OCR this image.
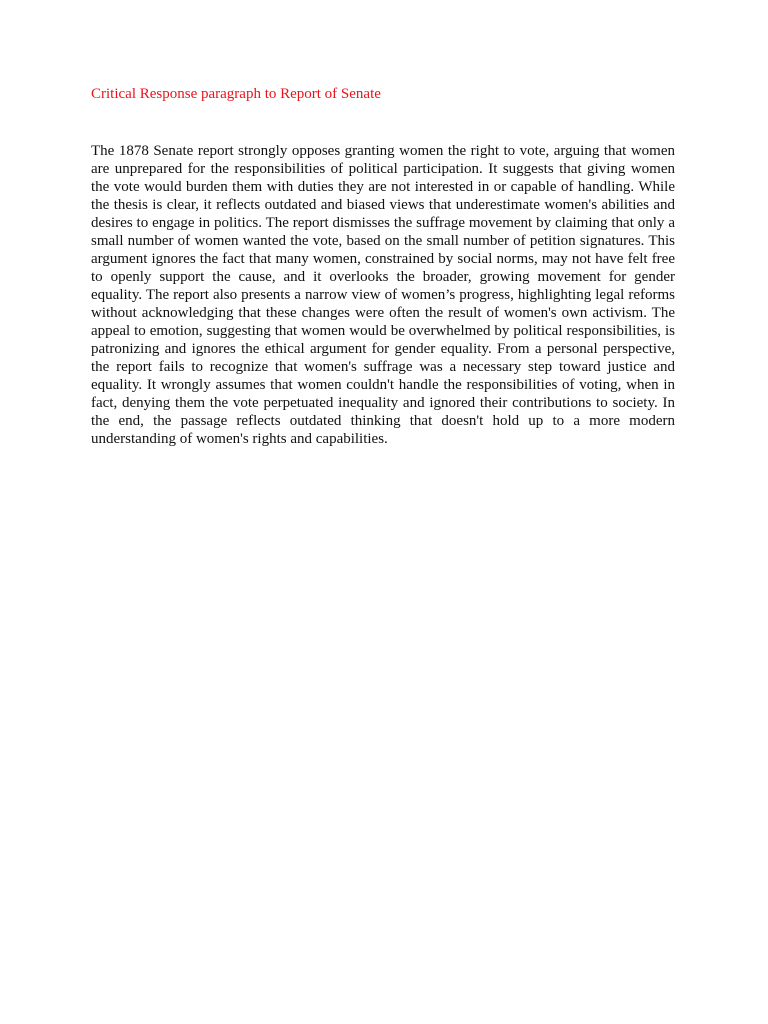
Critical Response paragraph to Report of Senate

The 1878 Senate report strongly opposes granting women the right to vote, arguing that women are unprepared for the responsibilities of political participation. It suggests that giving women the vote would burden them with duties they are not interested in or capable of handling. While the thesis is clear, it reflects outdated and biased views that underestimate women's abilities and desires to engage in politics. The report dismisses the suffrage movement by claiming that only a small number of women wanted the vote, based on the small number of petition signatures. This argument ignores the fact that many women, constrained by social norms, may not have felt free to openly support the cause, and it overlooks the broader, growing movement for gender equality. The report also presents a narrow view of women’s progress, highlighting legal reforms without acknowledging that these changes were often the result of women's own activism. The appeal to emotion, suggesting that women would be overwhelmed by political responsibilities, is patronizing and ignores the ethical argument for gender equality. From a personal perspective, the report fails to recognize that women's suffrage was a necessary step toward justice and equality. It wrongly assumes that women couldn't handle the responsibilities of voting, when in fact, denying them the vote perpetuated inequality and ignored their contributions to society. In the end, the passage reflects outdated thinking that doesn't hold up to a more modern understanding of women's rights and capabilities.
